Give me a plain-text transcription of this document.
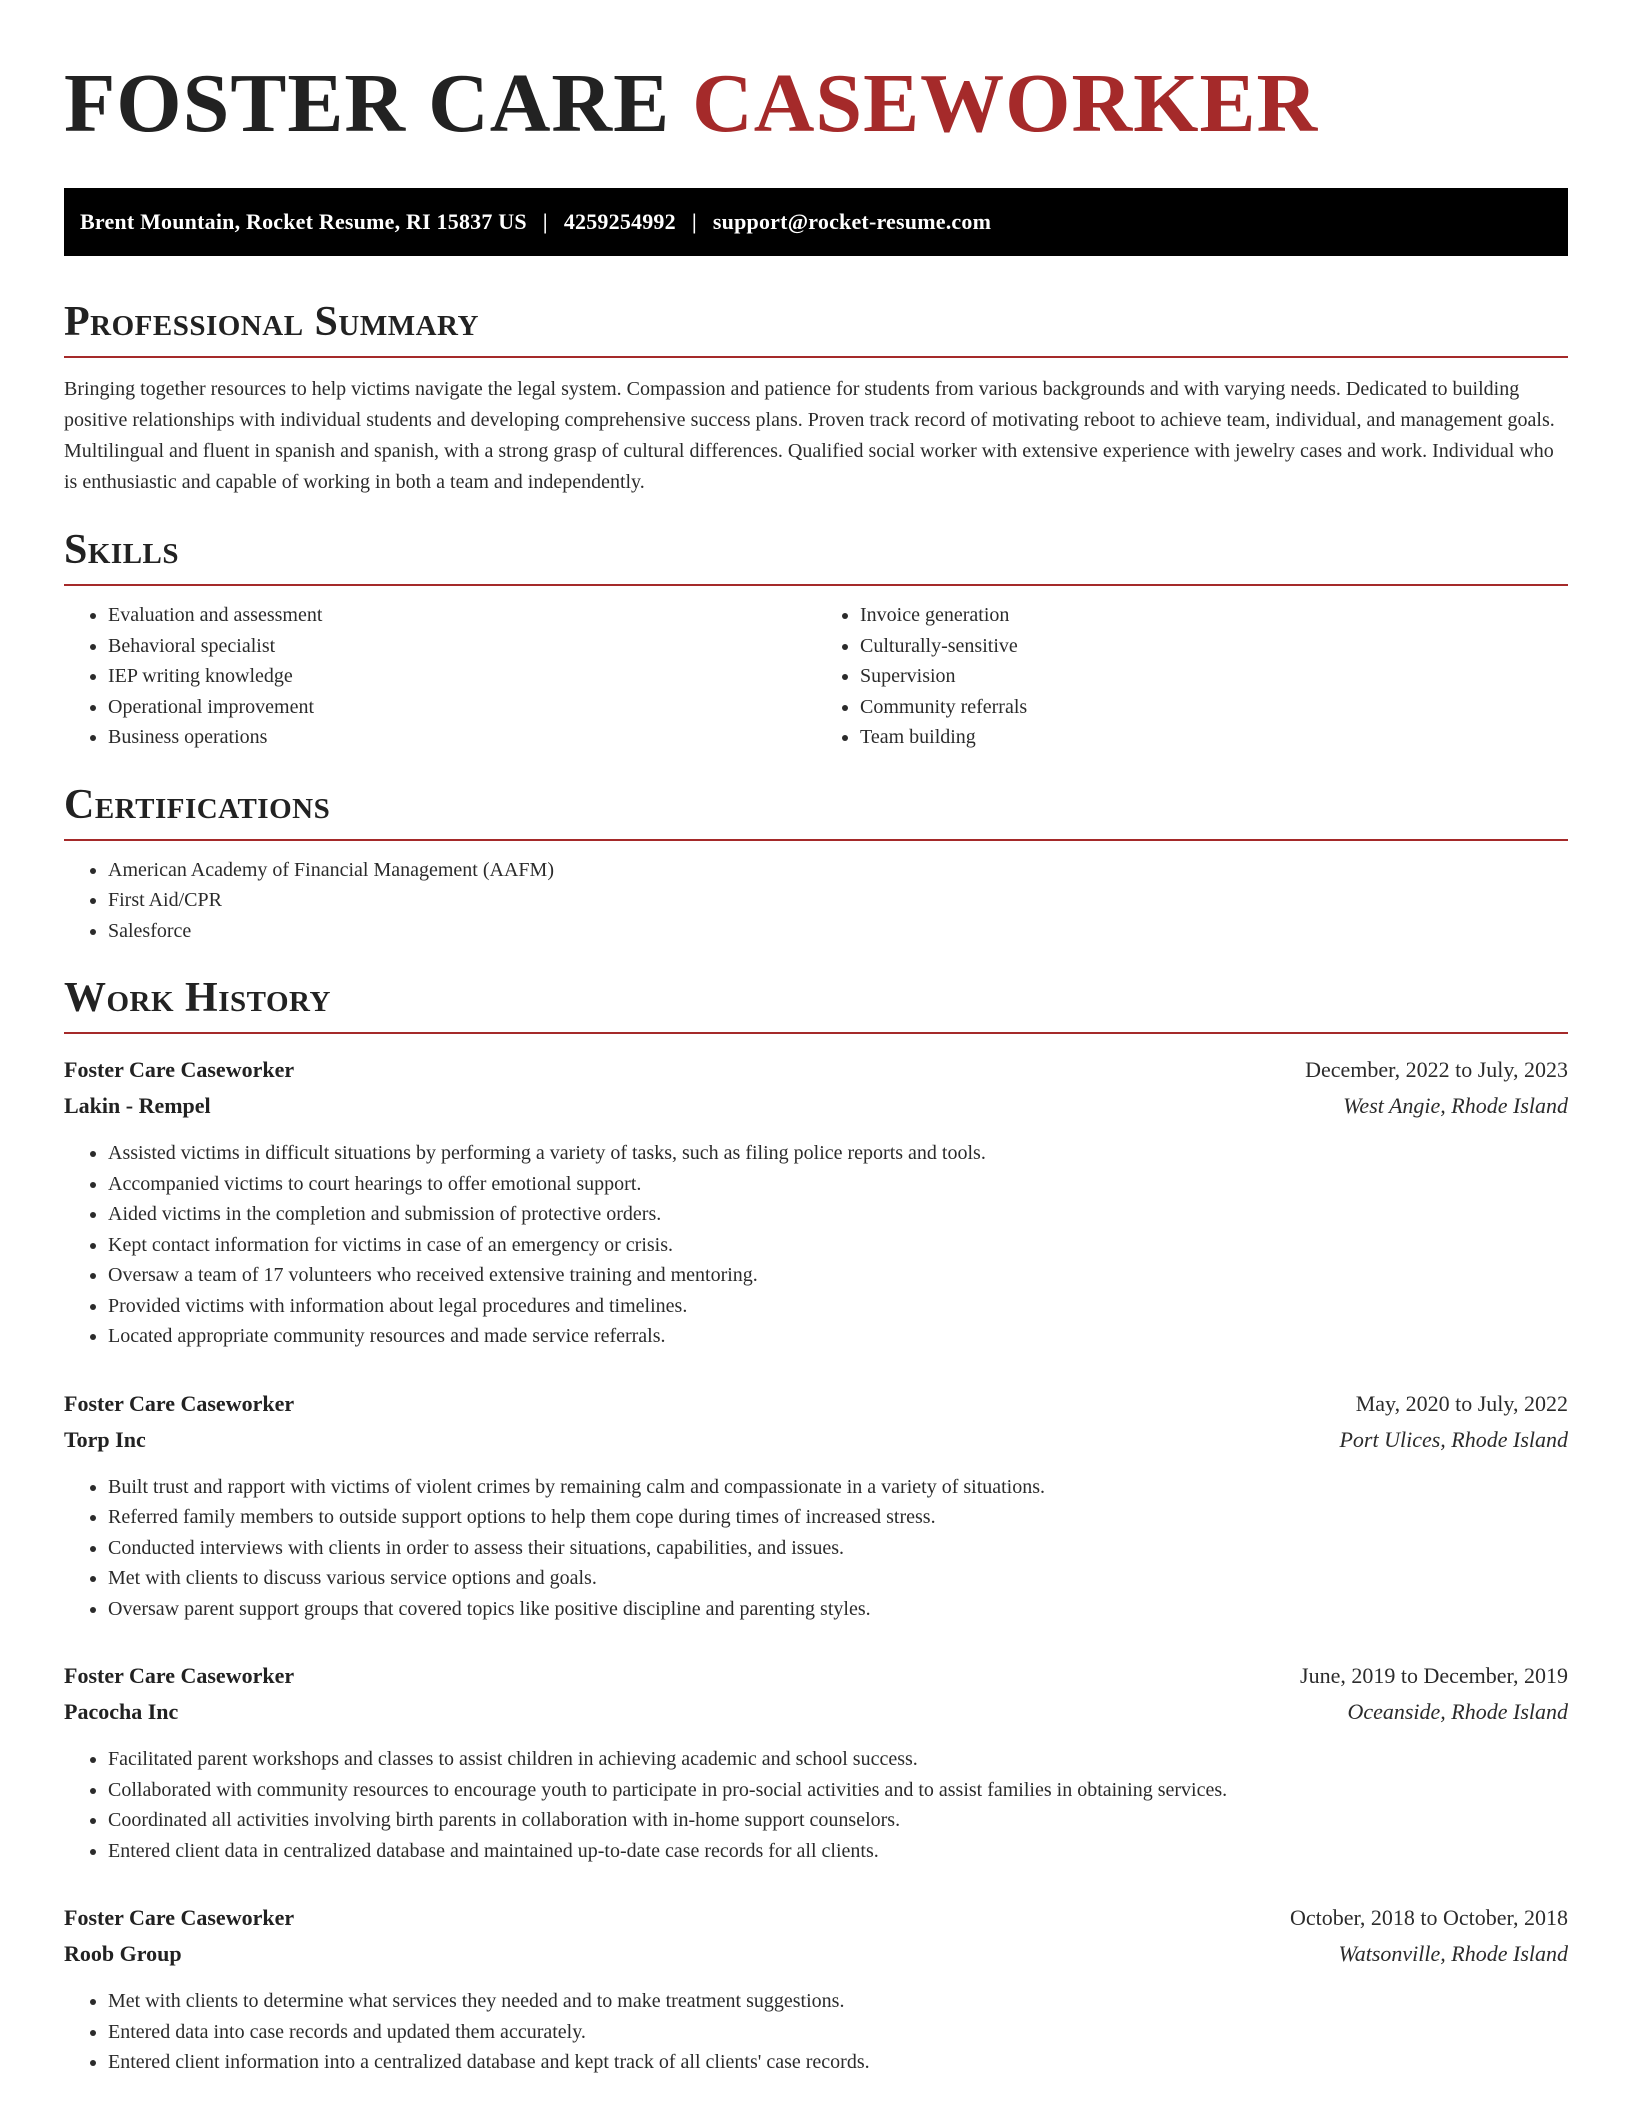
FOSTER CARE CASEWORKER
Brent Mountain, Rocket Resume, RI 15837 US | 4259254992 | support@rocket-resume.com
Professional Summary

Bringing together resources to help victims navigate the legal system. Compassion and patience for students from various backgrounds and with varying needs. Dedicated to building positive relationships with individual students and developing comprehensive success plans. Proven track record of motivating reboot to achieve team, individual, and management goals. Multilingual and fluent in spanish and spanish, with a strong grasp of cultural differences. Qualified social worker with extensive experience with jewelry cases and work. Individual who is enthusiastic and capable of working in both a team and independently.

Skills
• Evaluation and assessment
• Behavioral specialist
• IEP writing knowledge
• Operational improvement
• Business operations
• Invoice generation
• Culturally-sensitive
• Supervision
• Community referrals
• Team building
Certifications
• American Academy of Financial Management (AAFM)
• First Aid/CPR
• Salesforce
Work History
Foster Care Caseworker	December, 2022 to July, 2023
Lakin - Rempel	West Angie, Rhode Island
• Assisted victims in difficult situations by performing a variety of tasks, such as filing police reports and tools.
• Accompanied victims to court hearings to offer emotional support.
• Aided victims in the completion and submission of protective orders.
• Kept contact information for victims in case of an emergency or crisis.
• Oversaw a team of 17 volunteers who received extensive training and mentoring.
• Provided victims with information about legal procedures and timelines.
• Located appropriate community resources and made service referrals.
Foster Care Caseworker	May, 2020 to July, 2022
Torp Inc	Port Ulices, Rhode Island
• Built trust and rapport with victims of violent crimes by remaining calm and compassionate in a variety of situations.
• Referred family members to outside support options to help them cope during times of increased stress.
• Conducted interviews with clients in order to assess their situations, capabilities, and issues.
• Met with clients to discuss various service options and goals.
• Oversaw parent support groups that covered topics like positive discipline and parenting styles.
Foster Care Caseworker	June, 2019 to December, 2019
Pacocha Inc	Oceanside, Rhode Island
• Facilitated parent workshops and classes to assist children in achieving academic and school success.
• Collaborated with community resources to encourage youth to participate in pro-social activities and to assist families in obtaining services.
• Coordinated all activities involving birth parents in collaboration with in-home support counselors.
• Entered client data in centralized database and maintained up-to-date case records for all clients.
Foster Care Caseworker	October, 2018 to October, 2018
Roob Group	Watsonville, Rhode Island
• Met with clients to determine what services they needed and to make treatment suggestions.
• Entered data into case records and updated them accurately.
• Entered client information into a centralized database and kept track of all clients' case records.
